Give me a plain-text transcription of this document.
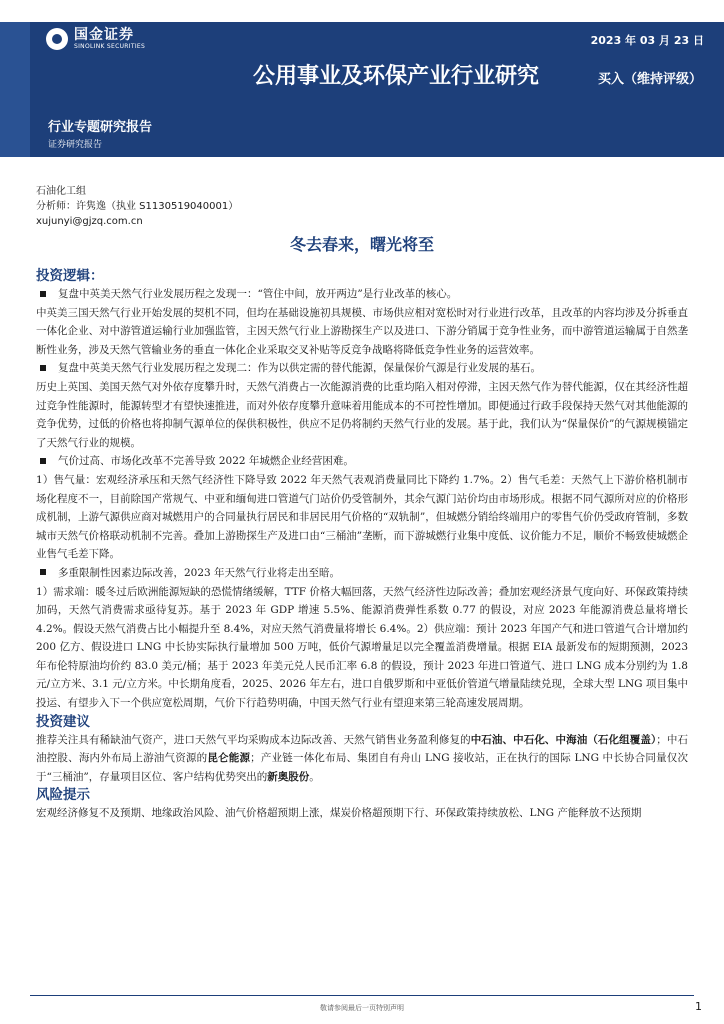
国金证券
SINOLINK SECURITIES	2023 年 03 月 23 日
公用事业及环保产业行业研究	买入（维持评级）
行业专题研究报告
证券研究报告
石油化工组
分析师：许隽逸（执业 S1130519040001）
xujunyi@gjzq.com.cn
冬去春来，曙光将至
投资逻辑：
复盘中英美天然气行业发展历程之发现一：“管住中间，放开两边”是行业改革的核心。

中英美三国天然气行业开始发展的契机不同，但均在基础设施初具规模、市场供应相对宽松时对行业进行改革，且改革的内容均涉及分拆垂直一体化企业、对中游管道运输行业加强监管，主因天然气行业上游勘探生产以及进口、下游分销属于竞争性业务，而中游管道运输属于自然垄断性业务，涉及天然气管输业务的垂直一体化企业采取交叉补贴等反竞争战略将降低竞争性业务的运营效率。

复盘中英美天然气行业发展历程之发现二：作为以供定需的替代能源，保量保价气源是行业发展的基石。

历史上英国、美国天然气对外依存度攀升时，天然气消费占一次能源消费的比重均陷入相对停滞，主因天然气作为替代能源，仅在其经济性超过竞争性能源时，能源转型才有望快速推进，而对外依存度攀升意味着用能成本的不可控性增加。即便通过行政手段保持天然气对其他能源的竞争优势，过低的价格也将抑制气源单位的保供积极性，供应不足仍将制约天然气行业的发展。基于此，我们认为“保量保价”的气源规模锚定了天然气行业的规模。

气价过高、市场化改革不完善导致 2022 年城燃企业经营困难。

1）售气量：宏观经济承压和天然气经济性下降导致 2022 年天然气表观消费量同比下降约 1.7%。2）售气毛差：天然气上下游价格机制市场化程度不一，目前除国产常规气、中亚和缅甸进口管道气门站价仍受管制外，其余气源门站价均由市场形成。根据不同气源所对应的价格形成机制，上游气源供应商对城燃用户的合同量执行居民和非居民用气价格的“双轨制”，但城燃分销给终端用户的零售气价仍受政府管制，多数城市天然气价格联动机制不完善。叠加上游勘探生产及进口由“三桶油”垄断，而下游城燃行业集中度低、议价能力不足，顺价不畅致使城燃企业售气毛差下降。

多重限制性因素边际改善，2023 年天然气行业将走出至暗。

1）需求端：暖冬过后欧洲能源短缺的恐慌情绪缓解，TTF 价格大幅回落，天然气经济性边际改善；叠加宏观经济景气度向好、环保政策持续加码，天然气消费需求亟待复苏。基于 2023 年 GDP 增速 5.5%、能源消费弹性系数 0.77 的假设，对应 2023 年能源消费总量将增长 4.2%。假设天然气消费占比小幅提升至 8.4%，对应天然气消费量将增长 6.4%。2）供应端：预计 2023 年国产气和进口管道气合计增加约 200 亿方、假设进口 LNG 中长协实际执行量增加 500 万吨，低价气源增量足以完全覆盖消费增量。根据 EIA 最新发布的短期预测，2023 年布伦特原油均价约 83.0 美元/桶；基于 2023 年美元兑人民币汇率 6.8 的假设，预计 2023 年进口管道气、进口 LNG 成本分别约为 1.8 元/立方米、3.1 元/立方米。中长期角度看，2025、2026 年左右，进口自俄罗斯和中亚低价管道气增量陆续兑现，全球大型 LNG 项目集中投运、有望步入下一个供应宽松周期，气价下行趋势明确，中国天然气行业有望迎来第三轮高速发展周期。

投资建议

推荐关注具有稀缺油气资产，进口天然气平均采购成本边际改善、天然气销售业务盈利修复的中石油、中石化、中海油（石化组覆盖）；中石油控股、海内外布局上游油气资源的昆仑能源；产业链一体化布局、集团自有舟山 LNG 接收站，正在执行的国际 LNG 中长协合同量仅次于“三桶油”，存量项目区位、客户结构优势突出的新奥股份。

风险提示

宏观经济修复不及预期、地缘政治风险、油气价格超预期上涨，煤炭价格超预期下行、环保政策持续放松、LNG 产能释放不达预期

敬请参阅最后一页特别声明	1
